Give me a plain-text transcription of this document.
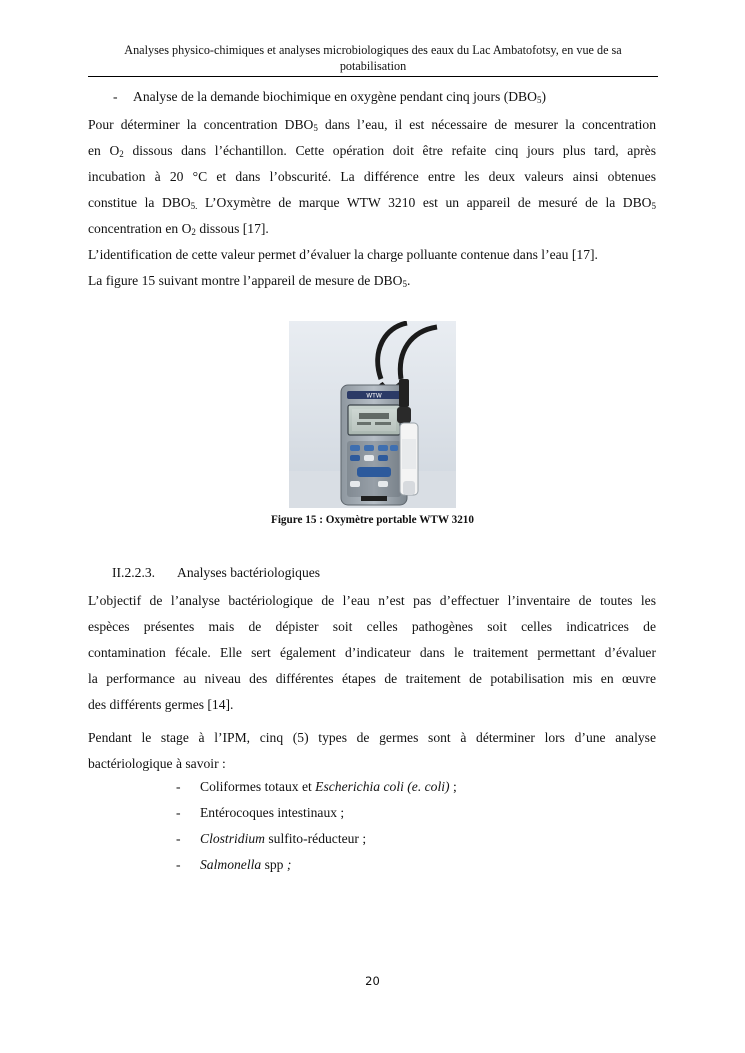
Analyses physico-chimiques et analyses microbiologiques des eaux du Lac Ambatofotsy, en vue de sa
potabilisation
- Analyse de la demande biochimique en oxygène pendant cinq jours $(DBO_5)$
Pour déterminer la concentration $DBO_5$ dans l’eau, il est nécessaire de mesurer la concentration
en $O_2$ dissous dans l’échantillon. Cette opération doit être refaite cinq jours plus tard, après
incubation à 20 °C et dans l’obscurité. La différence entre les deux valeurs ainsi obtenues
constitue la $DBO_{5.}$ L’Oxymètre de marque WTW 3210 est un appareil de mesuré de la $DBO_5$
concentration en $O_2$ dissous [17].
L’identification de cette valeur permet d’évaluer la charge polluante contenue dans l’eau [17].
La figure 15 suivant montre l’appareil de mesure de $DBO_5$.
WTW
Figure 15 : Oxymètre portable WTW 3210
II.2.2.3. Analyses bactériologiques
L’objectif de l’analyse bactériologique de l’eau n’est pas d’effectuer l’inventaire de toutes les
espèces présentes mais de dépister soit celles pathogènes soit celles indicatrices de
contamination fécale. Elle sert également d’indicateur dans le traitement permettant d’évaluer
la performance au niveau des différentes étapes de traitement de potabilisation mis en œuvre
des différents germes [14].
Pendant le stage à l’IPM, cinq (5) types de germes sont à déterminer lors d’une analyse
bactériologique à savoir :
- Coliformes totaux et Escherichia coli (e. coli) ;
- Entérocoques intestinaux ;
- Clostridium sulfito-réducteur ;
- Salmonella spp ;
20
